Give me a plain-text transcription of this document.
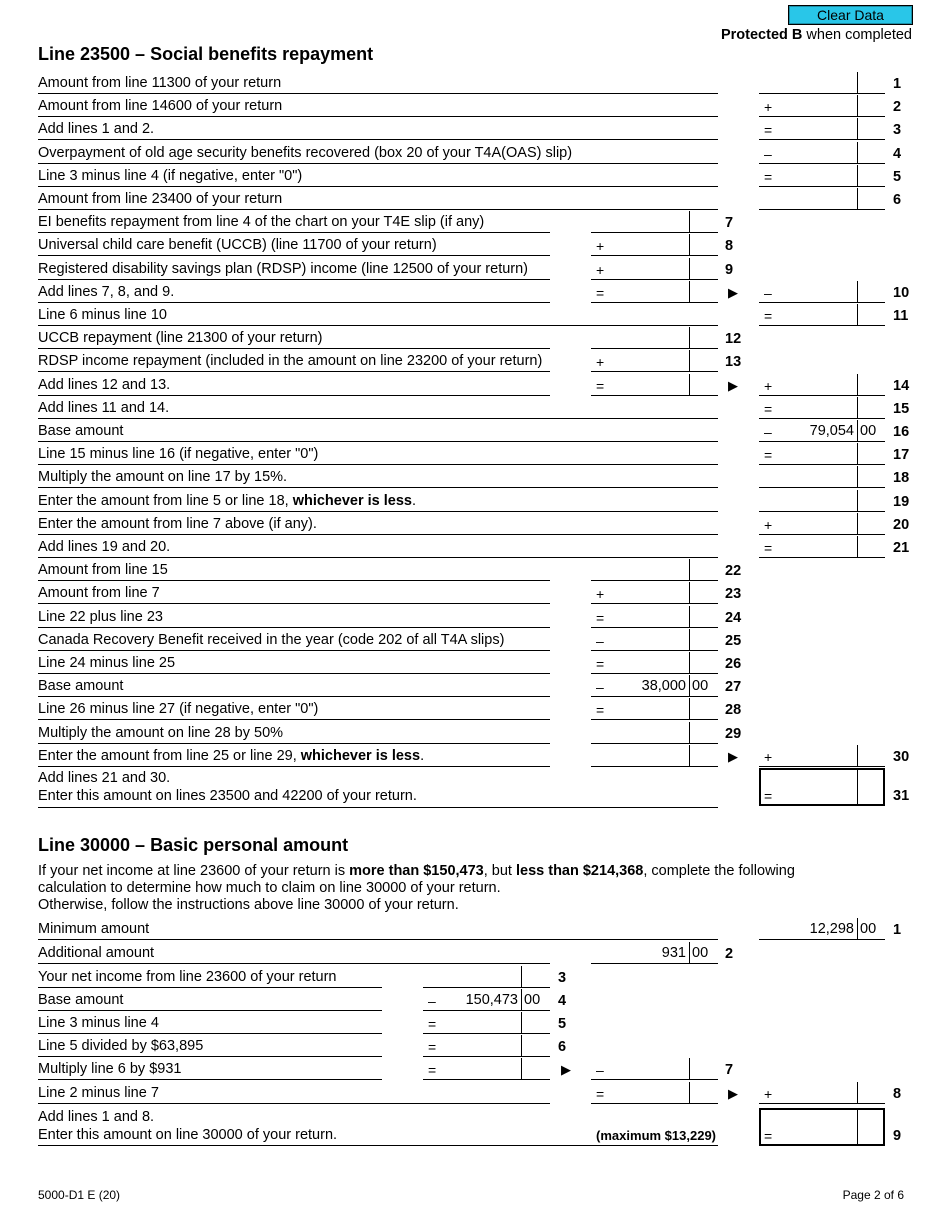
Clear Data
Protected B when completed
Line 23500 – Social benefits repayment
Amount from line 11300 of your return	1
Amount from line 14600 of your return	+	2
Add lines 1 and 2.	=	3
Overpayment of old age security benefits recovered (box 20 of your T4A(OAS) slip)	–	4
Line 3 minus line 4 (if negative, enter "0")	=	5
Amount from line 23400 of your return	6
EI benefits repayment from line 4 of the chart on your T4E slip (if any)	7
Universal child care benefit (UCCB) (line 11700 of your return)	+	8
Registered disability savings plan (RDSP) income (line 12500 of your return)	+	9
Add lines 7, 8, and 9.	=	▶ –	10
Line 6 minus line 10	=	11
UCCB repayment (line 21300 of your return)	12
RDSP income repayment (included in the amount on line 23200 of your return)	+	13
Add lines 12 and 13.	=	▶ +	14
Add lines 11 and 14.	=	15
Base amount	–	79,054 00 16
Line 15 minus line 16 (if negative, enter "0")	=	17
Multiply the amount on line 17 by 15%.	18
Enter the amount from line 5 or line 18, whichever is less.	19
Enter the amount from line 7 above (if any).	+	20
Add lines 19 and 20.	=	21
Amount from line 15	22
Amount from line 7	+	23
Line 22 plus line 23	=	24
Canada Recovery Benefit received in the year (code 202 of all T4A slips)	–	25
Line 24 minus line 25	=	26
Base amount	–	38,000 00 27
Line 26 minus line 27 (if negative, enter "0")	=	28
Multiply the amount on line 28 by 50%	29
Enter the amount from line 25 or line 29, whichever is less.	▶ +	30
Add lines 21 and 30.
Enter this amount on lines 23500 and 42200 of your return.	=	31
Line 30000 – Basic personal amount
If your net income at line 23600 of your return is more than $150,473, but less than $214,368, complete the following
calculation to determine how much to claim on line 30000 of your return.
Otherwise, follow the instructions above line 30000 of your return.
Minimum amount	12,298 00 1
Additional amount	931 00 2
Your net income from line 23600 of your return	3
Base amount	– 150,473 00 4
Line 3 minus line 4	=	5
Line 5 divided by $63,895	=	6
Multiply line 6 by $931	=	▶ –	7
Line 2 minus line 7	=	▶ +	8
Add lines 1 and 8.
Enter this amount on line 30000 of your return.	(maximum $13,229)	=	9
5000-D1 E (20)	Page 2 of 6
